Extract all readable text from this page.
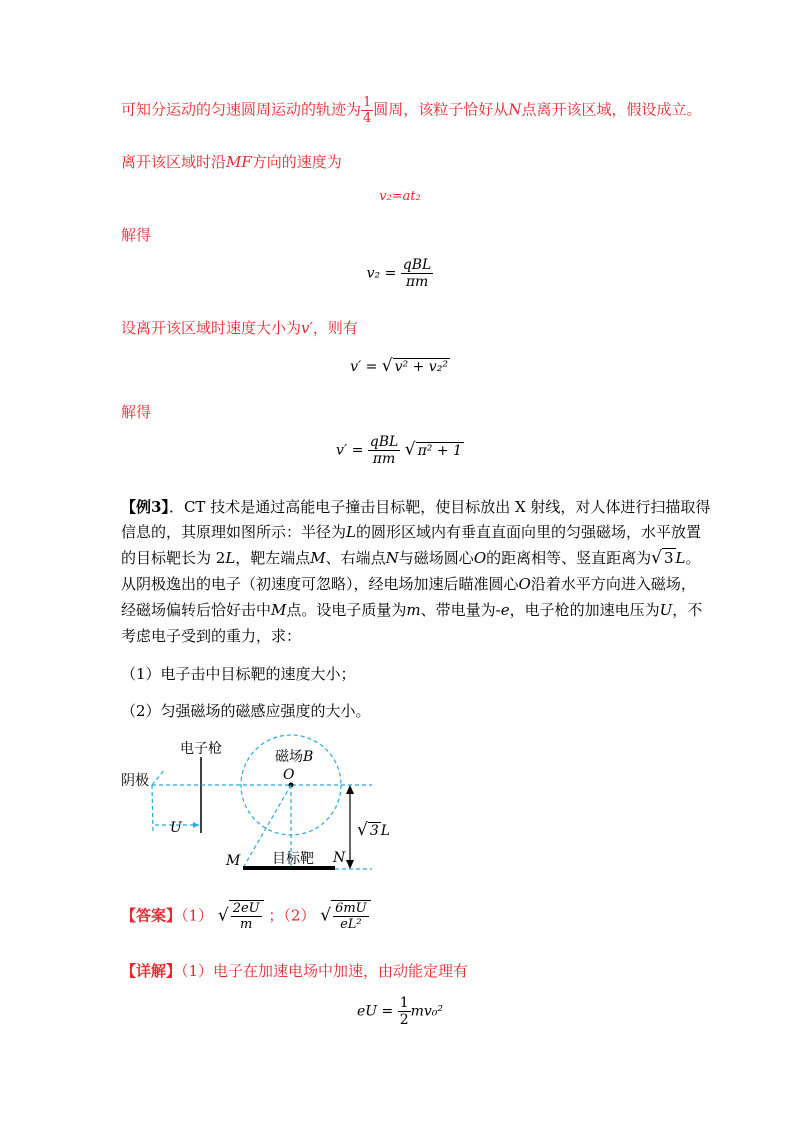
可知分运动的匀速圆周运动的轨迹为 $\frac{1}{4}$ 圆周，该粒子恰好从N点离开该区域，假设成立。
离开该区域时沿MF方向的速度为
v₂=at₂
解得
$v_2 = \frac{\text{qBL}}{\pi m}$
设离开该区域时速度大小为v′，则有
v′ = √ v² + v₂²
解得
$v' = \frac{\text{qBL}}{\pi m}$ √ π² + 1
【例3】．CT 技术是通过高能电子撞击目标靶，使目标放出 X 射线，对人体进行扫描取得
信息的，其原理如图所示：半径为L的圆形区域内有垂直直面向里的匀强磁场，水平放置
的目标靶长为 2L，靶左端点M、右端点N与磁场圆心O的距离相等、竖直距离为√ 3 L。
从阴极逸出的电子（初速度可忽略），经电场加速后瞄准圆心O沿着水平方向进入磁场，
经磁场偏转后恰好击中M点。设电子质量为m、带电量为-e，电子枪的加速电压为U，不
考虑电子受到的重力，求：
（1）电子击中目标靶的速度大小；
（2）匀强磁场的磁感应强度的大小。
电子枪	磁场B
O
阴极
U	√ 3 L
M 目标靶 N
【答案】（1） √ $\frac{2eU}{m}$ ；（2） √ $\frac{6mU}{\text{eL²}}$
【详解】（1）电子在加速电场中加速，由动能定理有
eU = $\frac{1}{2} mv_0^2$
